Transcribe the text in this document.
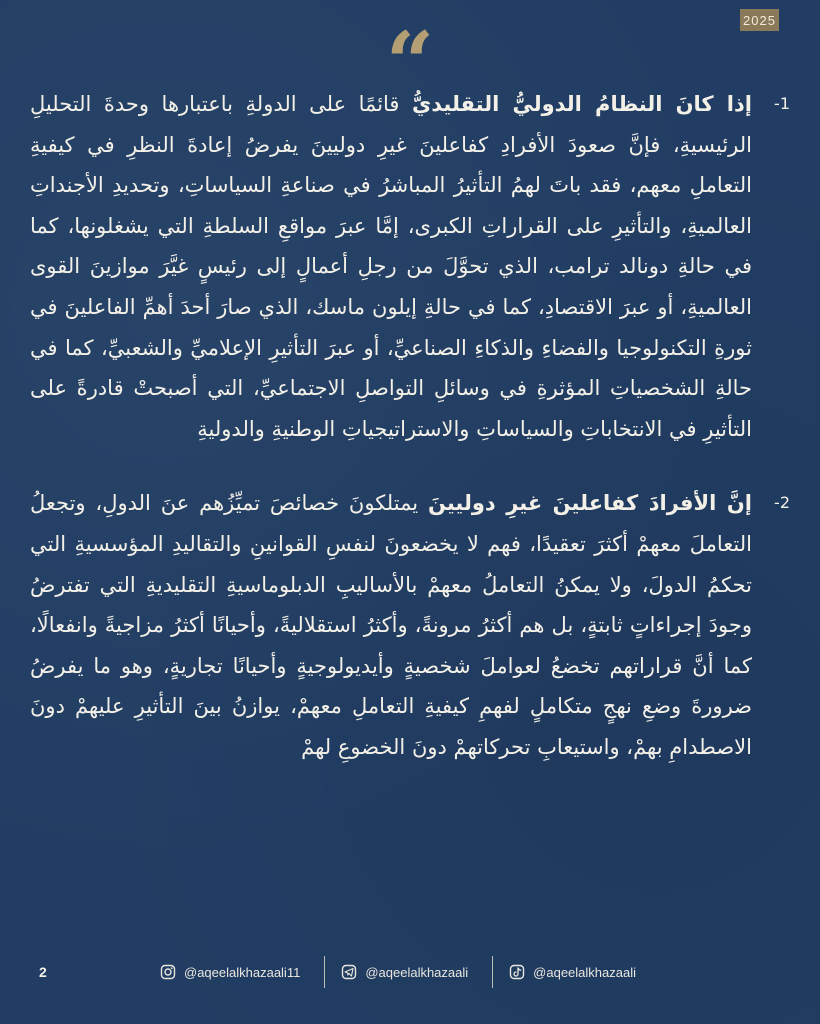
2025
“	-1

إذا كانَ النظامُ الدوليُّ التقليديُّ قائمًا على الدولةِ باعتبارها وحدةَ التحليلِ الرئيسيةِ، فإنَّ صعودَ الأفرادِ كفاعلينَ غيرِ دوليينَ يفرضُ إعادةَ النظرِ في كيفيةِ التعاملِ معهم، فقد باتَ لهمُ التأثيرُ المباشرُ في صناعةِ السياساتِ، وتحديدِ الأجنداتِ العالميةِ، والتأثيرِ على القراراتِ الكبرى، إمَّا عبرَ مواقعِ السلطةِ التي يشغلونها، كما في حالةِ دونالد ترامب، الذي تحوَّلَ من رجلِ أعمالٍ إلى رئيسٍ غيَّرَ موازينَ القوى العالميةِ، أو عبرَ الاقتصادِ، كما في حالةِ إيلون ماسك، الذي صارَ أحدَ أهمِّ الفاعلينَ في ثورةِ التكنولوجيا والفضاءِ والذكاءِ الصناعيِّ، أو عبرَ التأثيرِ الإعلاميِّ والشعبيِّ، كما في حالةِ الشخصياتِ المؤثرةِ في وسائلِ التواصلِ الاجتماعيِّ، التي أصبحتْ قادرةً على التأثيرِ في الانتخاباتِ والسياساتِ والاستراتيجياتِ الوطنيةِ والدوليةِ

-2

إنَّ الأفرادَ كفاعلينَ غيرِ دوليينَ يمتلكونَ خصائصَ تميِّزُهم عنَ الدولِ، وتجعلُ التعاملَ معهمْ أكثرَ تعقيدًا، فهم لا يخضعونَ لنفسِ القوانينِ والتقاليدِ المؤسسيةِ التي تحكمُ الدولَ، ولا يمكنُ التعاملُ معهمْ بالأساليبِ الدبلوماسيةِ التقليديةِ التي تفترضُ وجودَ إجراءاتٍ ثابتةٍ، بل هم أكثرُ مرونةً، وأكثرُ استقلاليةً، وأحيانًا أكثرُ مزاجيةً وانفعالًا، كما أنَّ قراراتهم تخضعُ لعواملَ شخصيةٍ وأيديولوجيةٍ وأحيانًا تجاريةٍ، وهو ما يفرضُ ضرورةَ وضعِ نهجٍ متكاملٍ لفهمِ كيفيةِ التعاملِ معهمْ، يوازنُ بينَ التأثيرِ عليهمْ دونَ الاصطدامِ بهمْ، واستيعابِ تحركاتهمْ دونَ الخضوعِ لهمْ

2	@aqeelalkhazaali11	@aqeelalkhazaali	@aqeelalkhazaali
